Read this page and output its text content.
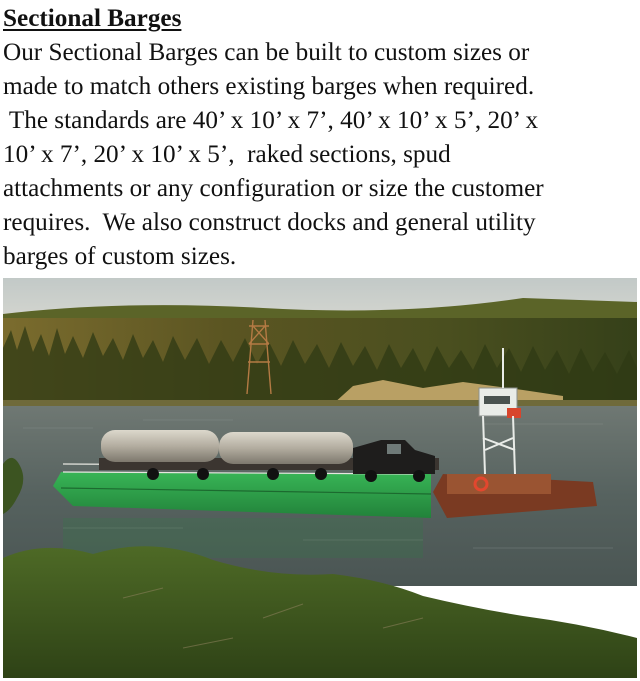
Sectional Barges
Our Sectional Barges can be built to custom sizes or
made to match others existing barges when required.
The standards are 40’ x 10’ x 7’, 40’ x 10’ x 5’, 20’ x
10’ x 7’, 20’ x 10’ x 5’,  raked sections, spud
attachments or any configuration or size the customer
requires.  We also construct docks and general utility
barges of custom sizes.
